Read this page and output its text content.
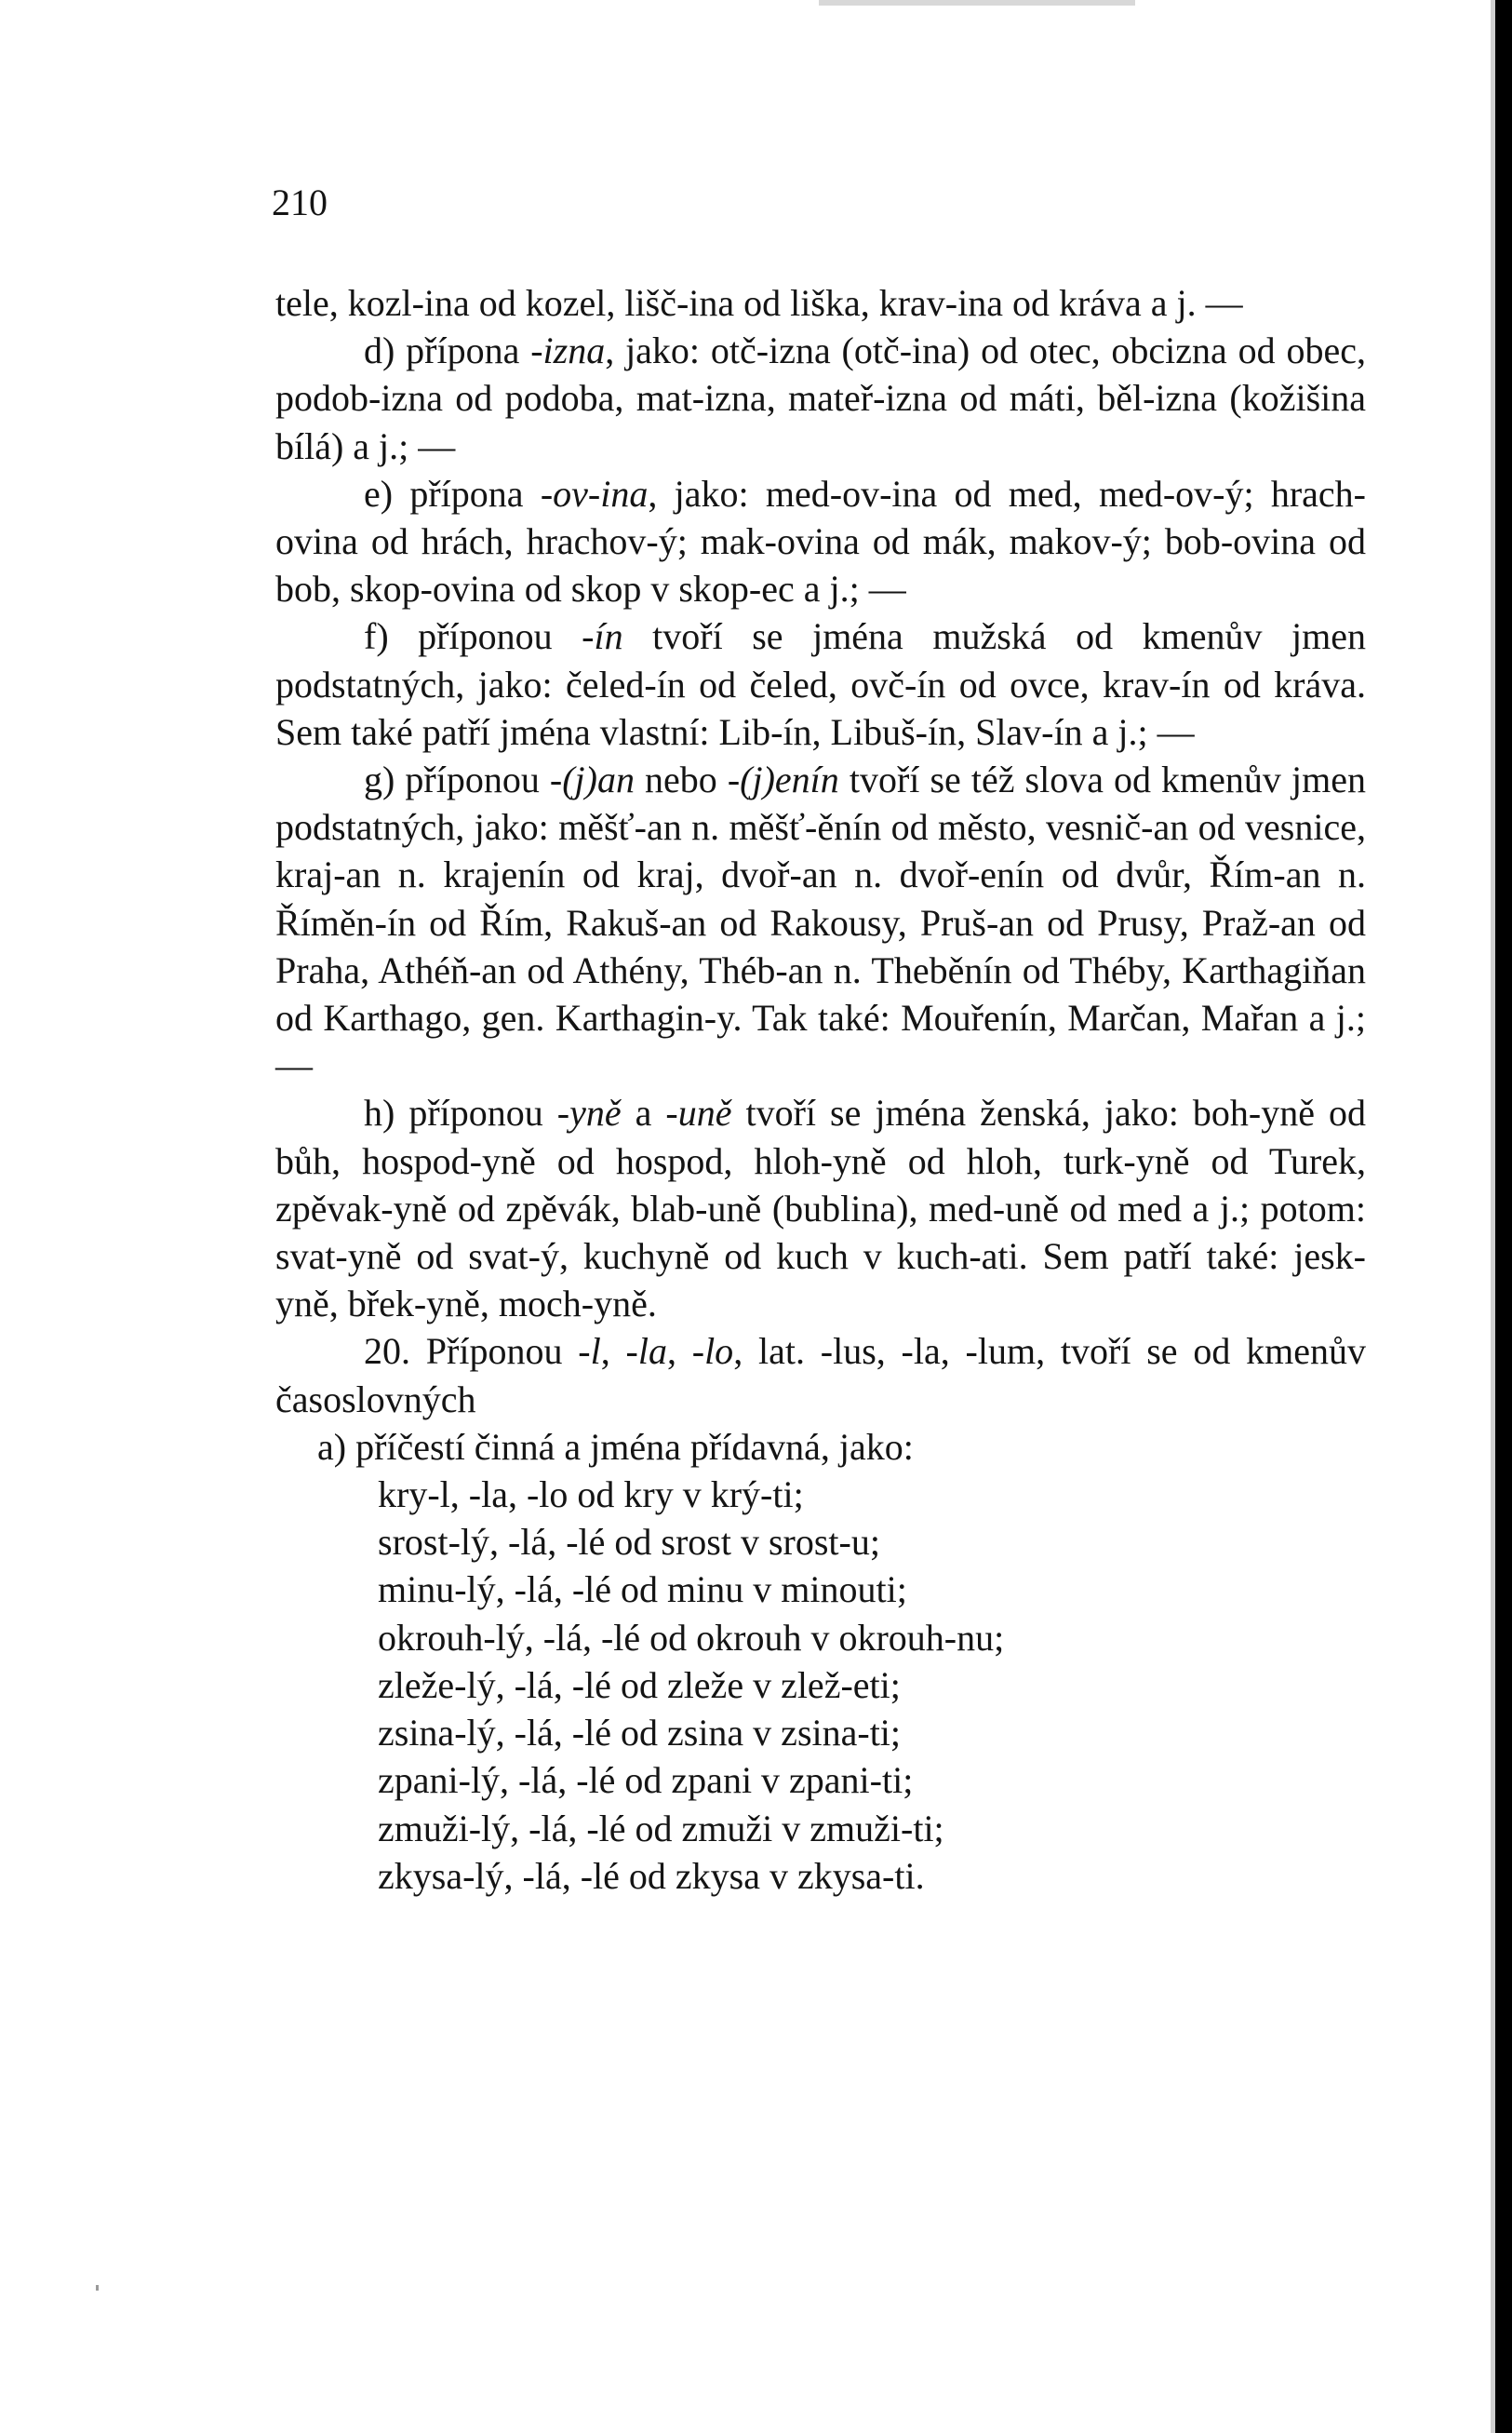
210

tele, kozl-ina od kozel, lišč-ina od liška, krav-ina od kráva a j. —

d) přípona -izna, jako: otč-izna (otč-ina) od otec, obcizna od obec, podob-izna od podoba, mat-izna, mateř-izna od máti, běl-izna (kožišina bílá) a j.; —

e) přípona -ov-ina, jako: med-ov-ina od med, med-ov-ý; hrach-ovina od hrách, hrachov-ý; mak-ovina od mák, makov-ý; bob-ovina od bob, skop-ovina od skop v skop-ec a j.; —

f) příponou -ín tvoří se jména mužská od kmenův jmen podstatných, jako: čeled-ín od čeled, ovč-ín od ovce, krav-ín od kráva. Sem také patří jména vlastní: Lib-ín, Libuš-ín, Slav-ín a j.; —

g) příponou -(j)an nebo -(j)enín tvoří se též slova od kmenův jmen podstatných, jako: měšť-an n. měšť-ěnín od město, vesnič-an od vesnice, kraj-an n. krajenín od kraj, dvoř-an n. dvoř-enín od dvůr, Řím-an n. Říměn-ín od Řím, Rakuš-an od Rakousy, Pruš-an od Prusy, Praž-an od Praha, Athéň-an od Athény, Théb-an n. Theběnín od Théby, Karthagiňan od Karthago, gen. Karthagin-y. Tak také: Mouřenín, Marčan, Mařan a j.; —

h) příponou -yně a -uně tvoří se jména ženská, jako: boh-yně od bůh, hospod-yně od hospod, hloh-yně od hloh, turk-yně od Turek, zpěvak-yně od zpěvák, blab-uně (bublina), med-uně od med a j.; potom: svat-yně od svat-ý, kuchyně od kuch v kuch-ati. Sem patří také: jesk-yně, břek-yně, moch-yně.

20. Příponou -l, -la, -lo, lat. -lus, -la, -lum, tvoří se od kmenův časoslovných

a) příčestí činná a jména přídavná, jako:
kry-l, -la, -lo od kry v krý-ti;
srost-lý, -lá, -lé od srost v srost-u;
minu-lý, -lá, -lé od minu v minouti;
okrouh-lý, -lá, -lé od okrouh v okrouh-nu;
zleže-lý, -lá, -lé od zleže v zlež-eti;
zsina-lý, -lá, -lé od zsina v zsina-ti;
zpani-lý, -lá, -lé od zpani v zpani-ti;
zmuži-lý, -lá, -lé od zmuži v zmuži-ti;
zkysa-lý, -lá, -lé od zkysa v zkysa-ti.
